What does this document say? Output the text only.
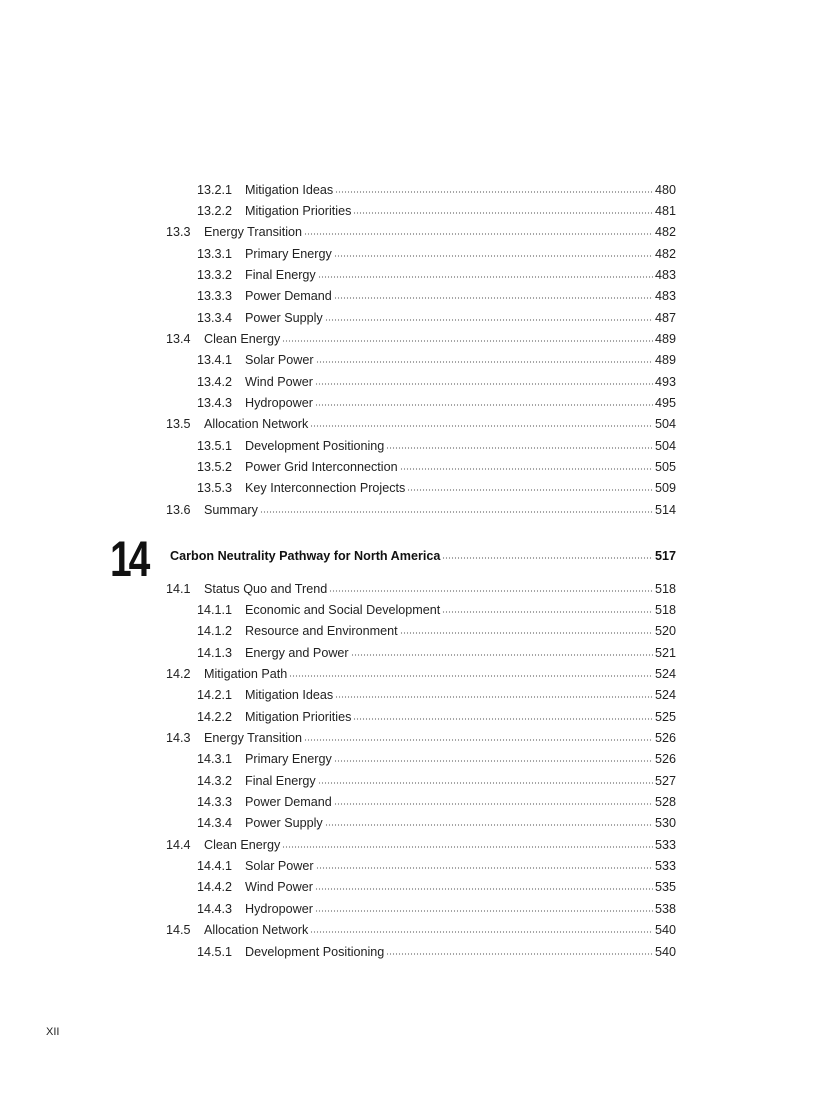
13.2.1 Mitigation Ideas	480
13.2.2 Mitigation Priorities	481
13.3 Energy Transition	482
13.3.1 Primary Energy	482
13.3.2 Final Energy	483
13.3.3 Power Demand	483
13.3.4 Power Supply	487
13.4 Clean Energy	489
13.4.1 Solar Power	489
13.4.2 Wind Power	493
13.4.3 Hydropower	495
13.5 Allocation Network	504
13.5.1 Development Positioning	504
13.5.2 Power Grid Interconnection	505
13.5.3 Key Interconnection Projects	509
13.6 Summary	514
14 Carbon Neutrality Pathway for North America	517
14.1 Status Quo and Trend	518
14.1.1 Economic and Social Development	518
14.1.2 Resource and Environment	520
14.1.3 Energy and Power	521
14.2 Mitigation Path	524
14.2.1 Mitigation Ideas	524
14.2.2 Mitigation Priorities	525
14.3 Energy Transition	526
14.3.1 Primary Energy	526
14.3.2 Final Energy	527
14.3.3 Power Demand	528
14.3.4 Power Supply	530
14.4 Clean Energy	533
14.4.1 Solar Power	533
14.4.2 Wind Power	535
14.4.3 Hydropower	538
14.5 Allocation Network	540
14.5.1 Development Positioning	540
XII
